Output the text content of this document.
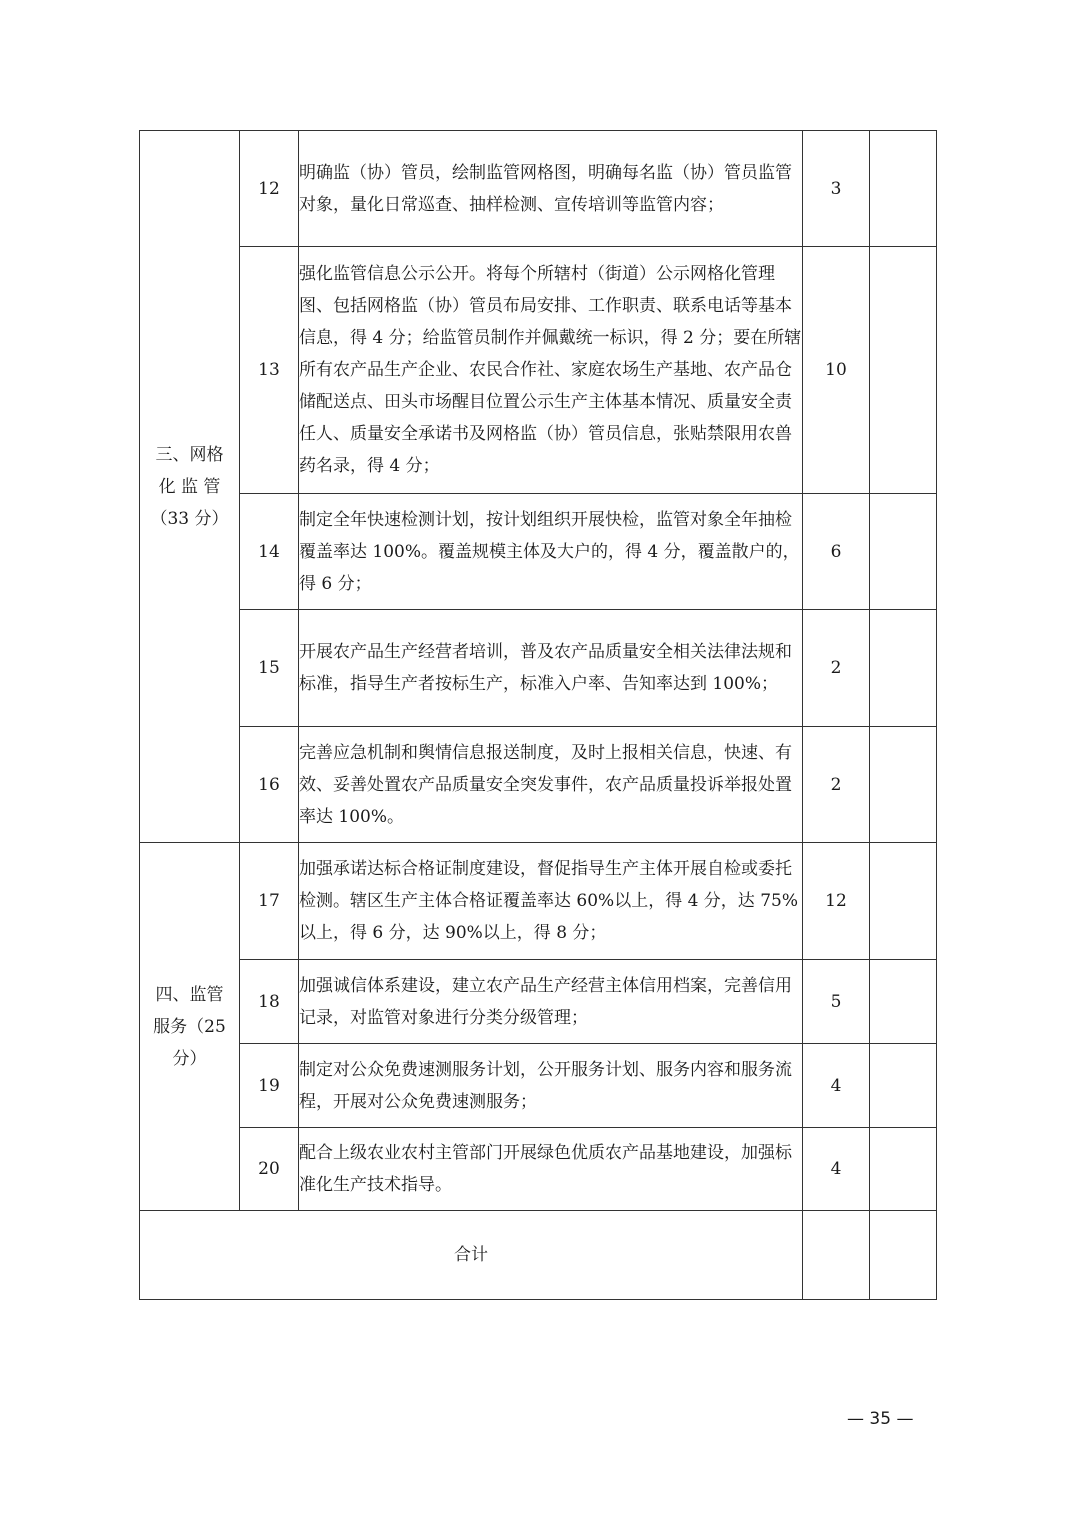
三、网格
化 监 管
（33 分）	12	明确监（协）管员，绘制监管网格图，明确每名监（协）管员监管对象，量化日常巡查、抽样检测、宣传培训等监管内容；	3	
	13	强化监管信息公示公开。将每个所辖村（街道）公示网格化管理图、包括网格监（协）管员布局安排、工作职责、联系电话等基本信息，得 4 分；给监管员制作并佩戴统一标识，得 2 分；要在所辖所有农产品生产企业、农民合作社、家庭农场生产基地、农产品仓储配送点、田头市场醒目位置公示生产主体基本情况、质量安全责任人、质量安全承诺书及网格监（协）管员信息，张贴禁限用农兽药名录，得 4 分；	10	
	14	制定全年快速检测计划，按计划组织开展快检，监管对象全年抽检覆盖率达 100%。覆盖规模主体及大户的，得 4 分，覆盖散户的，得 6 分；	6	
	15	开展农产品生产经营者培训，普及农产品质量安全相关法律法规和标准，指导生产者按标生产，标准入户率、告知率达到 100%；	2	
	16	完善应急机制和舆情信息报送制度，及时上报相关信息，快速、有效、妥善处置农产品质量安全突发事件，农产品质量投诉举报处置率达 100%。	2	

四、监管
服务（25
分）	17	加强承诺达标合格证制度建设，督促指导生产主体开展自检或委托检测。辖区生产主体合格证覆盖率达 60%以上，得 4 分，达 75%以上，得 6 分，达 90%以上，得 8 分；	12	
	18	加强诚信体系建设，建立农产品生产经营主体信用档案，完善信用记录，对监管对象进行分类分级管理；	5	
	19	制定对公众免费速测服务计划，公开服务计划、服务内容和服务流程，开展对公众免费速测服务；	4	
	20	配合上级农业农村主管部门开展绿色优质农产品基地建设，加强标准化生产技术指导。	4	
合计				
— 35 —
